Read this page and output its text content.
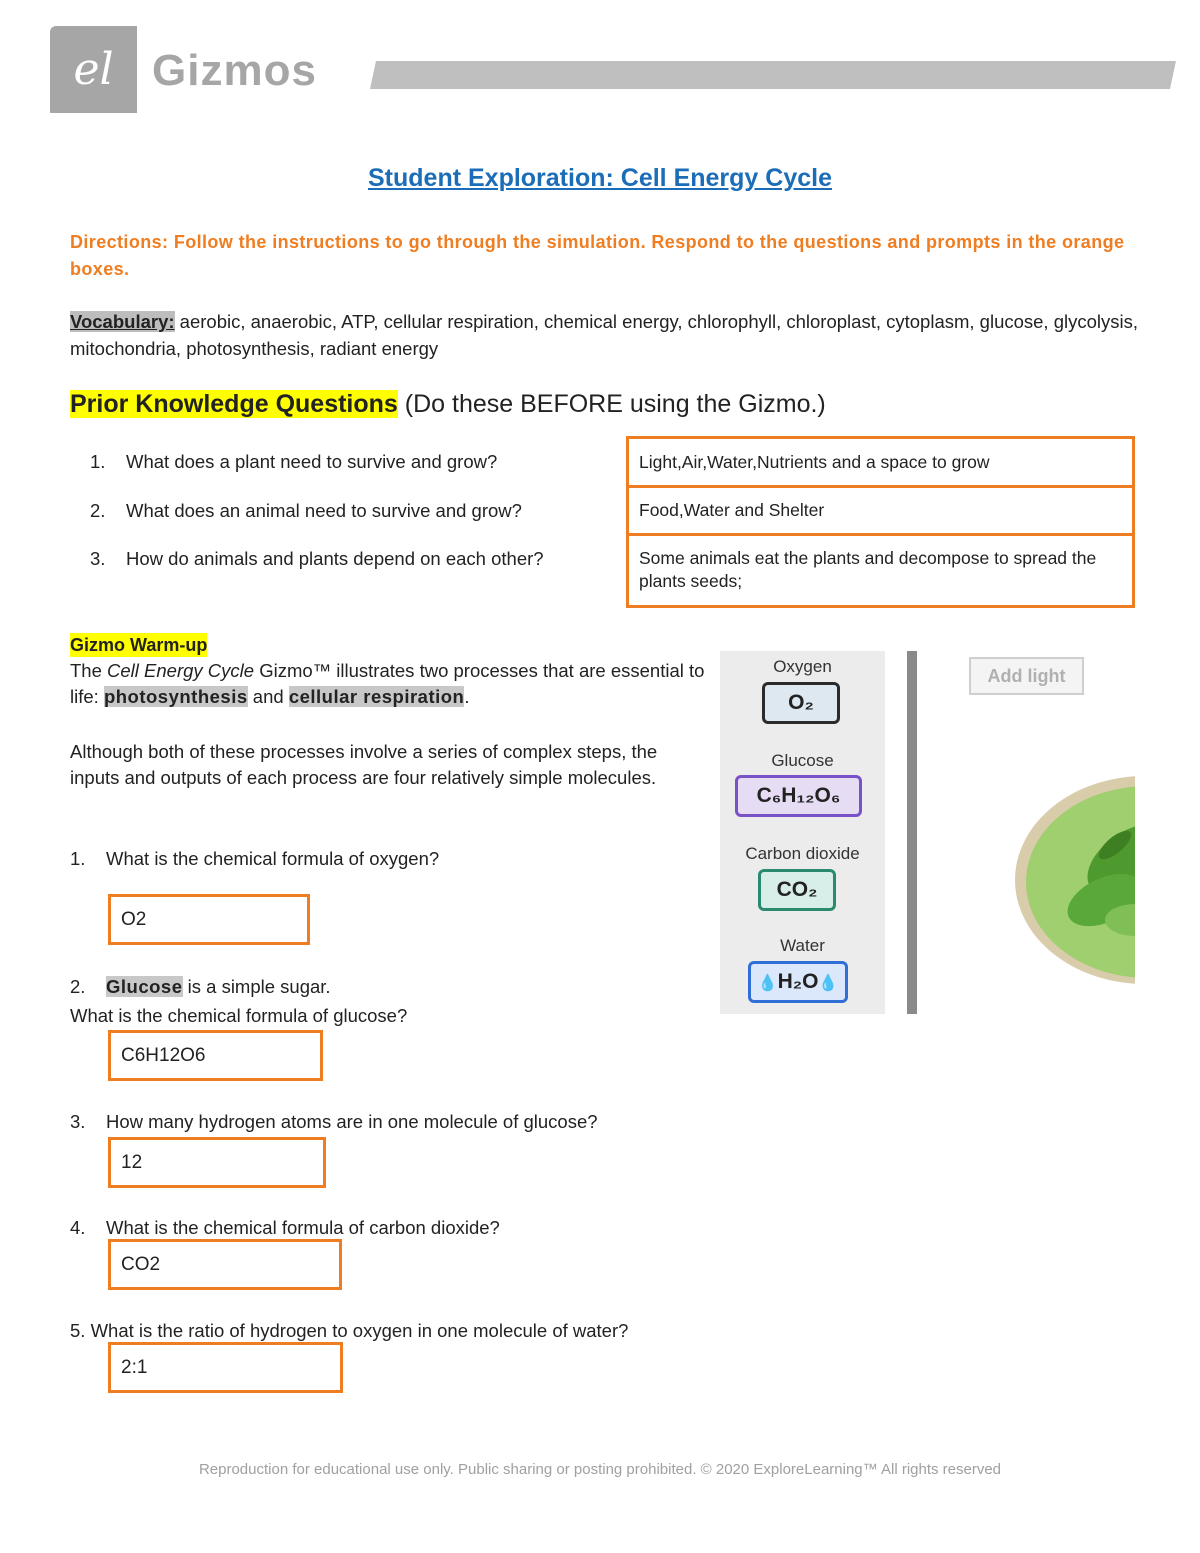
el Gizmos
Student Exploration: Cell Energy Cycle
Directions: Follow the instructions to go through the simulation. Respond to the questions and prompts in the orange boxes.
Vocabulary: aerobic, anaerobic, ATP, cellular respiration, chemical energy, chlorophyll, chloroplast, cytoplasm, glucose, glycolysis, mitochondria, photosynthesis, radiant energy
Prior Knowledge Questions (Do these BEFORE using the Gizmo.)
1. What does a plant need to survive and grow?
2. What does an animal need to survive and grow?
3. How do animals and plants depend on each other?
Light,Air,Water,Nutrients and a space to grow
Food,Water and Shelter
Some animals eat the plants and decompose to spread the plants seeds;
Gizmo Warm-up
The Cell Energy Cycle Gizmo™ illustrates two processes that are essential to life: photosynthesis and cellular respiration.
Although both of these processes involve a series of complex steps, the inputs and outputs of each process are four relatively simple molecules.
1. What is the chemical formula of oxygen?
O2
2. Glucose is a simple sugar.
What is the chemical formula of glucose?
C6H12O6
3. How many hydrogen atoms are in one molecule of glucose?
12
4. What is the chemical formula of carbon dioxide?
CO2
5. What is the ratio of hydrogen to oxygen in one molecule of water?
2:1
Oxygen
O₂
Glucose
C₆H₁₂O₆
Carbon dioxide
CO₂
Water
💧H₂O💧
Add light
Reproduction for educational use only. Public sharing or posting prohibited. © 2020 ExploreLearning™ All rights reserved
